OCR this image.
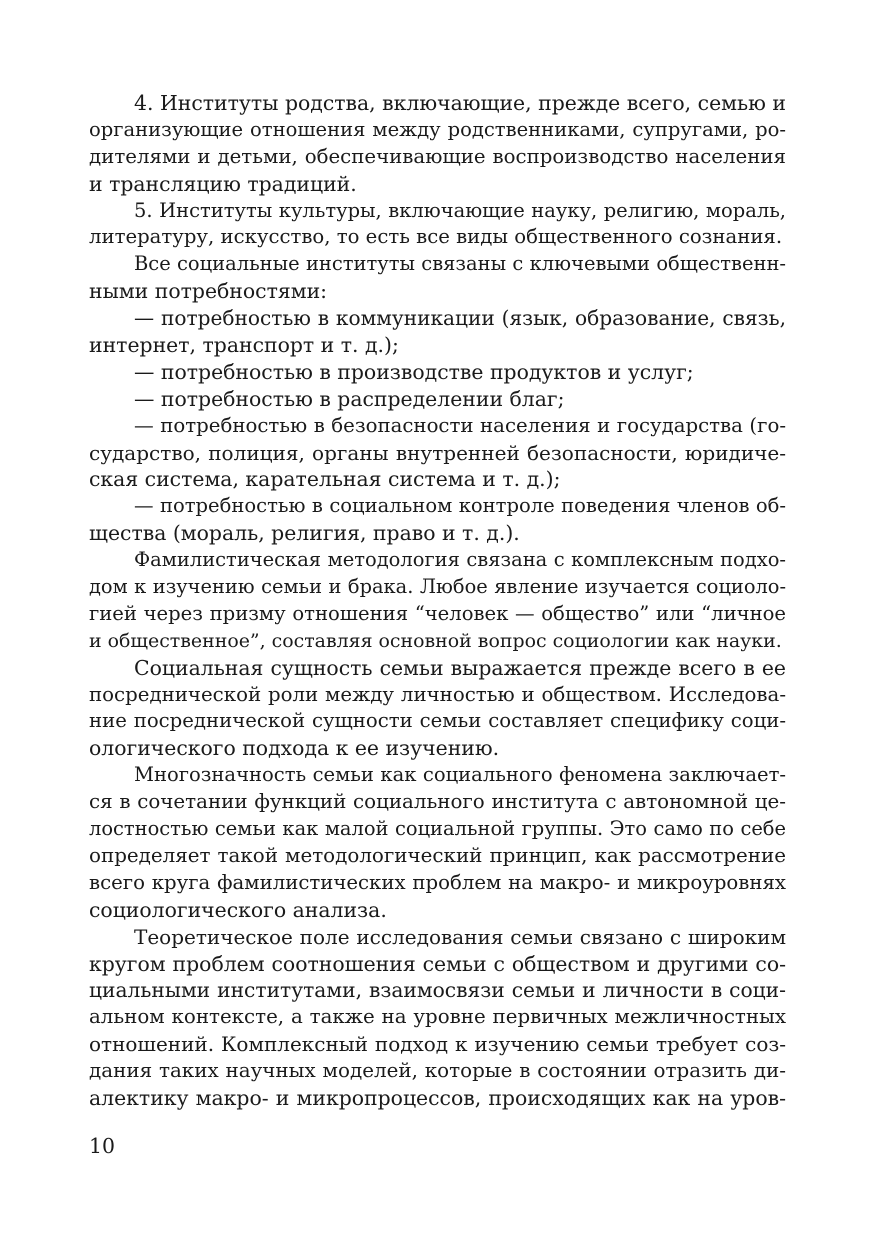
4. Институты родства, включающие, прежде всего, семью и
организующие отношения между родственниками, супругами, ро-
дителями и детьми, обеспечивающие воспроизводство населения
и трансляцию традиций.
5. Институты культуры, включающие науку, религию, мораль,
литературу, искусство, то есть все виды общественного сознания.
Все социальные институты связаны с ключевыми общественн-
ными потребностями:
— потребностью в коммуникации (язык, образование, связь,
интернет, транспорт и т. д.);
— потребностью в производстве продуктов и услуг;
— потребностью в распределении благ;
— потребностью в безопасности населения и государства (го-
сударство, полиция, органы внутренней безопасности, юридиче-
ская система, карательная система и т. д.);
— потребностью в социальном контроле поведения членов об-
щества (мораль, религия, право и т. д.).
Фамилистическая методология связана с комплексным подхо-
дом к изучению семьи и брака. Любое явление изучается социоло-
гией через призму отношения “человек — общество” или “личное
и общественное”, составляя основной вопрос социологии как науки.
Социальная сущность семьи выражается прежде всего в ее
посреднической роли между личностью и обществом. Исследова-
ние посреднической сущности семьи составляет специфику соци-
ологического подхода к ее изучению.
Многозначность семьи как социального феномена заключает-
ся в сочетании функций социального института с автономной це-
лостностью семьи как малой социальной группы. Это само по себе
определяет такой методологический принцип, как рассмотрение
всего круга фамилистических проблем на макро- и микроуровнях
социологического анализа.
Теоретическое поле исследования семьи связано с широким
кругом проблем соотношения семьи с обществом и другими со-
циальными институтами, взаимосвязи семьи и личности в соци-
альном контексте, а также на уровне первичных межличностных
отношений. Комплексный подход к изучению семьи требует соз-
дания таких научных моделей, которые в состоянии отразить ди-
алектику макро- и микропроцессов, происходящих как на уров-
10
